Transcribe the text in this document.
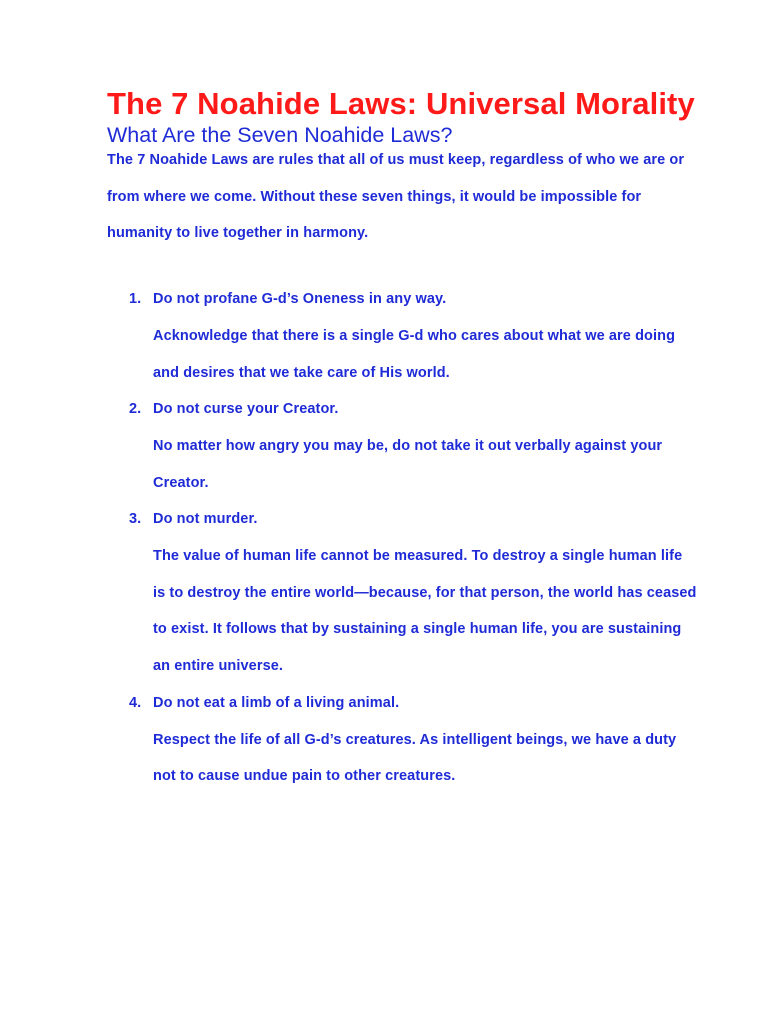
The 7 Noahide Laws: Universal Morality
What Are the Seven Noahide Laws?

The 7 Noahide Laws are rules that all of us must keep, regardless of who we are or from where we come. Without these seven things, it would be impossible for humanity to live together in harmony.

1. Do not profane G-d’s Oneness in any way.
Acknowledge that there is a single G-d who cares about what we are doing and desires that we take care of His world.
2. Do not curse your Creator.
No matter how angry you may be, do not take it out verbally against your Creator.
3. Do not murder.
The value of human life cannot be measured. To destroy a single human life is to destroy the entire world—because, for that person, the world has ceased to exist. It follows that by sustaining a single human life, you are sustaining an entire universe.
4. Do not eat a limb of a living animal.
Respect the life of all G-d’s creatures. As intelligent beings, we have a duty not to cause undue pain to other creatures.
